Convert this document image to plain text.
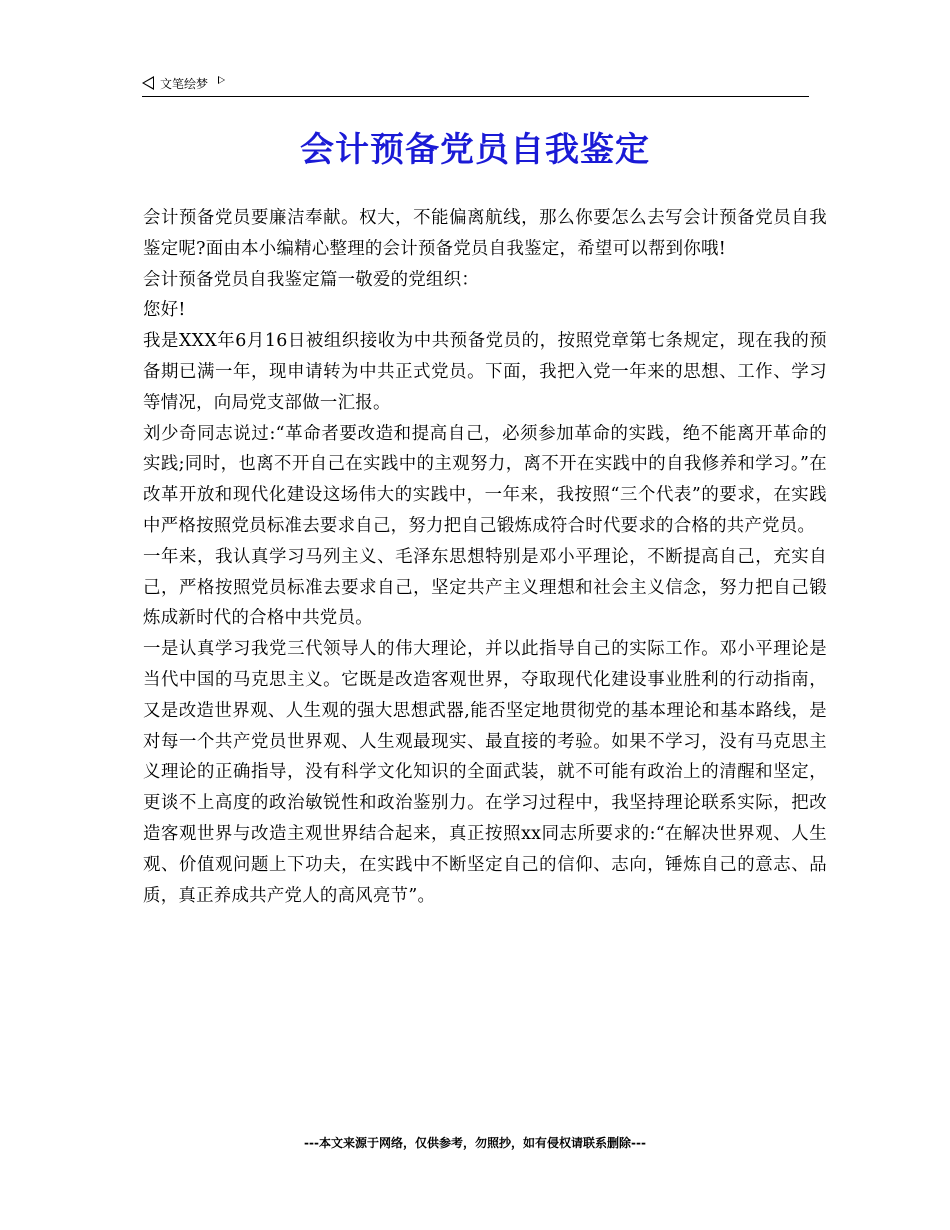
文笔绘梦
会计预备党员自我鉴定

会计预备党员要廉洁奉献。权大，不能偏离航线，那么你要怎么去写会计预备党员自我鉴定呢?面由本小编精心整理的会计预备党员自我鉴定，希望可以帮到你哦!

会计预备党员自我鉴定篇一敬爱的党组织：

您好!

我是XXX年6月16日被组织接收为中共预备党员的，按照党章第七条规定，现在我的预备期已满一年，现申请转为中共正式党员。下面，我把入党一年来的思想、工作、学习等情况，向局党支部做一汇报。

刘少奇同志说过:“革命者要改造和提高自己，必须参加革命的实践，绝不能离开革命的实践;同时，也离不开自己在实践中的主观努力，离不开在实践中的自我修养和学习。”在改革开放和现代化建设这场伟大的实践中，一年来，我按照“三个代表”的要求，在实践中严格按照党员标准去要求自己，努力把自己锻炼成符合时代要求的合格的共产党员。

一年来，我认真学习马列主义、毛泽东思想特别是邓小平理论，不断提高自己，充实自己，严格按照党员标准去要求自己，坚定共产主义理想和社会主义信念，努力把自己锻炼成新时代的合格中共党员。

一是认真学习我党三代领导人的伟大理论，并以此指导自己的实际工作。邓小平理论是当代中国的马克思主义。它既是改造客观世界，夺取现代化建设事业胜利的行动指南，又是改造世界观、人生观的强大思想武器,能否坚定地贯彻党的基本理论和基本路线，是对每一个共产党员世界观、人生观最现实、最直接的考验。如果不学习，没有马克思主义理论的正确指导，没有科学文化知识的全面武装，就不可能有政治上的清醒和坚定，更谈不上高度的政治敏锐性和政治鉴别力。在学习过程中，我坚持理论联系实际，把改造客观世界与改造主观世界结合起来，真正按照xx同志所要求的:“在解决世界观、人生观、价值观问题上下功夫，在实践中不断坚定自己的信仰、志向，锤炼自己的意志、品质，真正养成共产党人的高风亮节”。

---本文来源于网络，仅供参考，勿照抄，如有侵权请联系删除---
